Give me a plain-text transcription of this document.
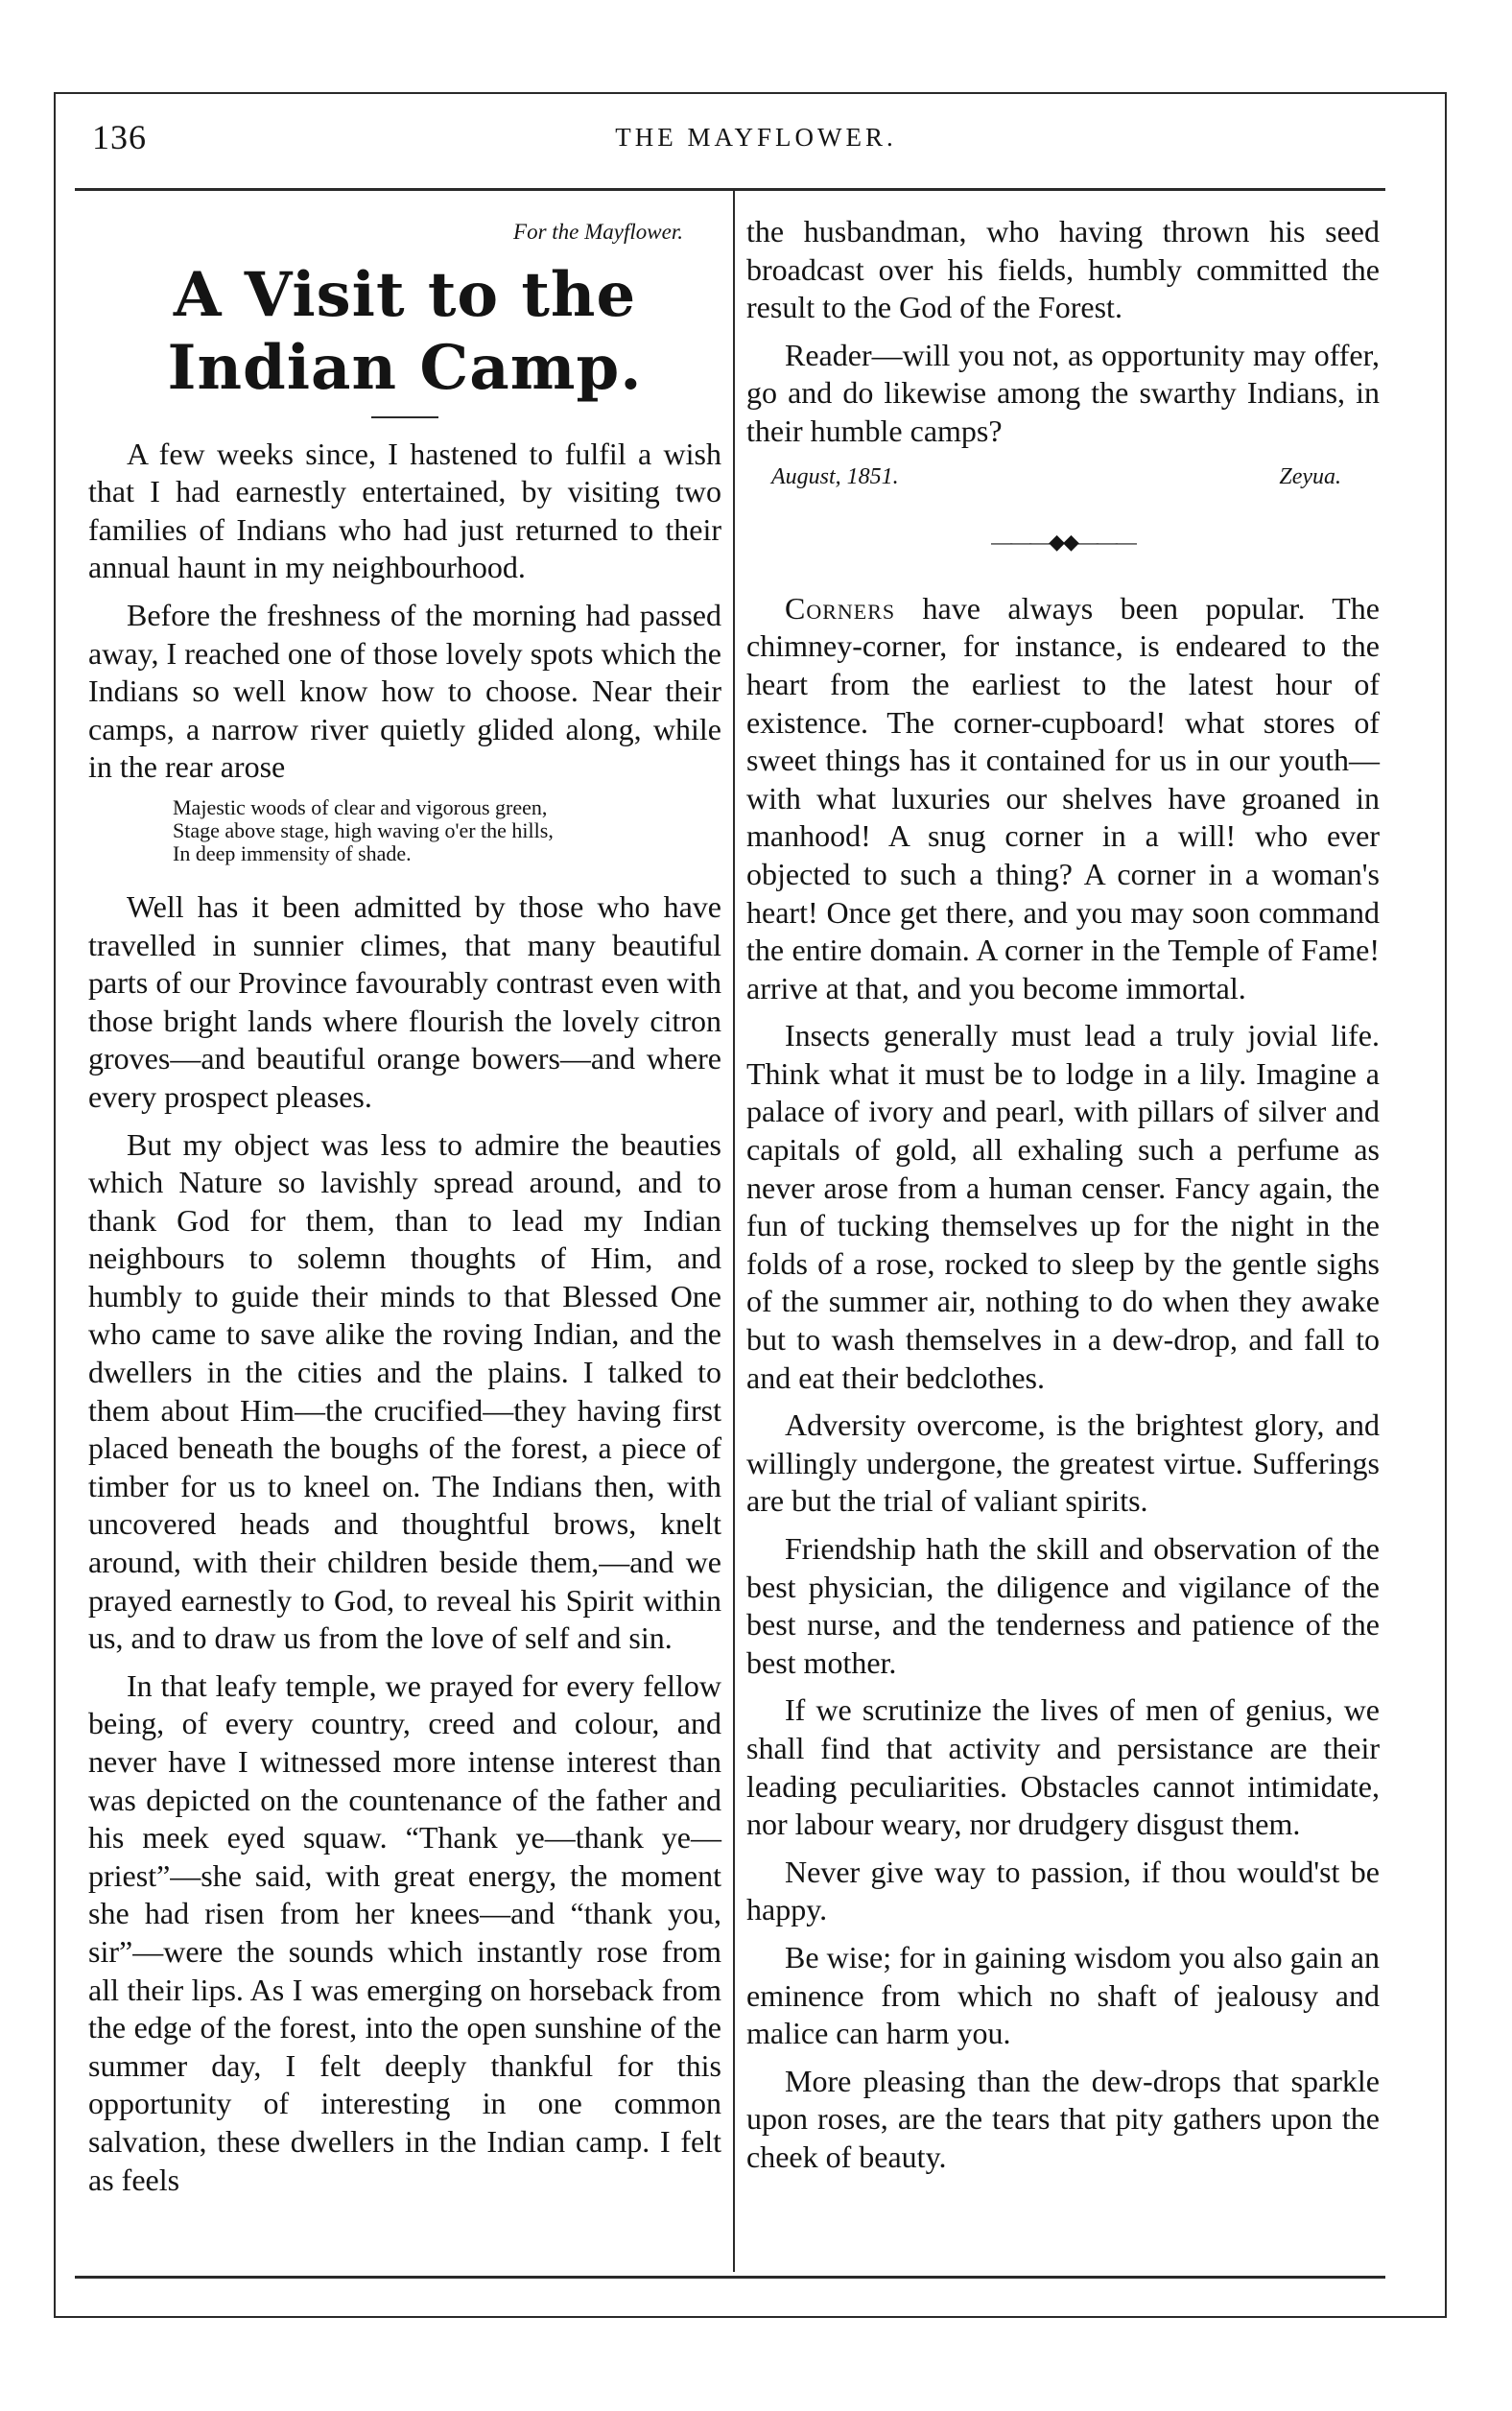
136	THE MAYFLOWER.
For the Mayflower.
A Visit to the Indian Camp.

A few weeks since, I hastened to fulfil a wish that I had earnestly entertained, by visiting two families of Indians who had just returned to their annual haunt in my neighbourhood.

Before the freshness of the morning had passed away, I reached one of those lovely spots which the Indians so well know how to choose. Near their camps, a narrow river quietly glided along, while in the rear arose

Majestic woods of clear and vigorous green,
Stage above stage, high waving o'er the hills,
In deep immensity of shade.

Well has it been admitted by those who have travelled in sunnier climes, that many beautiful parts of our Province favourably contrast even with those bright lands where flourish the lovely citron groves—and beautiful orange bowers—and where every prospect pleases.

But my object was less to admire the beauties which Nature so lavishly spread around, and to thank God for them, than to lead my Indian neighbours to solemn thoughts of Him, and humbly to guide their minds to that Blessed One who came to save alike the roving Indian, and the dwellers in the cities and the plains. I talked to them about Him—the crucified—they having first placed beneath the boughs of the forest, a piece of timber for us to kneel on. The Indians then, with uncovered heads and thoughtful brows, knelt around, with their children beside them,—and we prayed earnestly to God, to reveal his Spirit within us, and to draw us from the love of self and sin.

In that leafy temple, we prayed for every fellow being, of every country, creed and colour, and never have I witnessed more intense interest than was depicted on the countenance of the father and his meek eyed squaw. “Thank ye—thank ye—priest”—she said, with great energy, the moment she had risen from her knees—and “thank you, sir”—were the sounds which instantly rose from all their lips. As I was emerging on horseback from the edge of the forest, into the open sunshine of the summer day, I felt deeply thankful for this opportunity of interesting in one common salvation, these dwellers in the Indian camp. I felt as feels

the husbandman, who having thrown his seed broadcast over his fields, humbly committed the result to the God of the Forest.

Reader—will you not, as opportunity may offer, go and do likewise among the swarthy Indians, in their humble camps?

August, 1851.	Zeyua.
———◆◆———

Corners have always been popular. The chimney-corner, for instance, is endeared to the heart from the earliest to the latest hour of existence. The corner-cupboard! what stores of sweet things has it contained for us in our youth—with what luxuries our shelves have groaned in manhood! A snug corner in a will! who ever objected to such a thing? A corner in a woman's heart! Once get there, and you may soon command the entire domain. A corner in the Temple of Fame! arrive at that, and you become immortal.

Insects generally must lead a truly jovial life. Think what it must be to lodge in a lily. Imagine a palace of ivory and pearl, with pillars of silver and capitals of gold, all exhaling such a perfume as never arose from a human censer. Fancy again, the fun of tucking themselves up for the night in the folds of a rose, rocked to sleep by the gentle sighs of the summer air, nothing to do when they awake but to wash themselves in a dew-drop, and fall to and eat their bedclothes.

Adversity overcome, is the brightest glory, and willingly undergone, the greatest virtue. Sufferings are but the trial of valiant spirits.

Friendship hath the skill and observation of the best physician, the diligence and vigilance of the best nurse, and the tenderness and patience of the best mother.

If we scrutinize the lives of men of genius, we shall find that activity and persistance are their leading peculiarities. Obstacles cannot intimidate, nor labour weary, nor drudgery disgust them.

Never give way to passion, if thou would'st be happy.

Be wise; for in gaining wisdom you also gain an eminence from which no shaft of jealousy and malice can harm you.

More pleasing than the dew-drops that sparkle upon roses, are the tears that pity gathers upon the cheek of beauty.
